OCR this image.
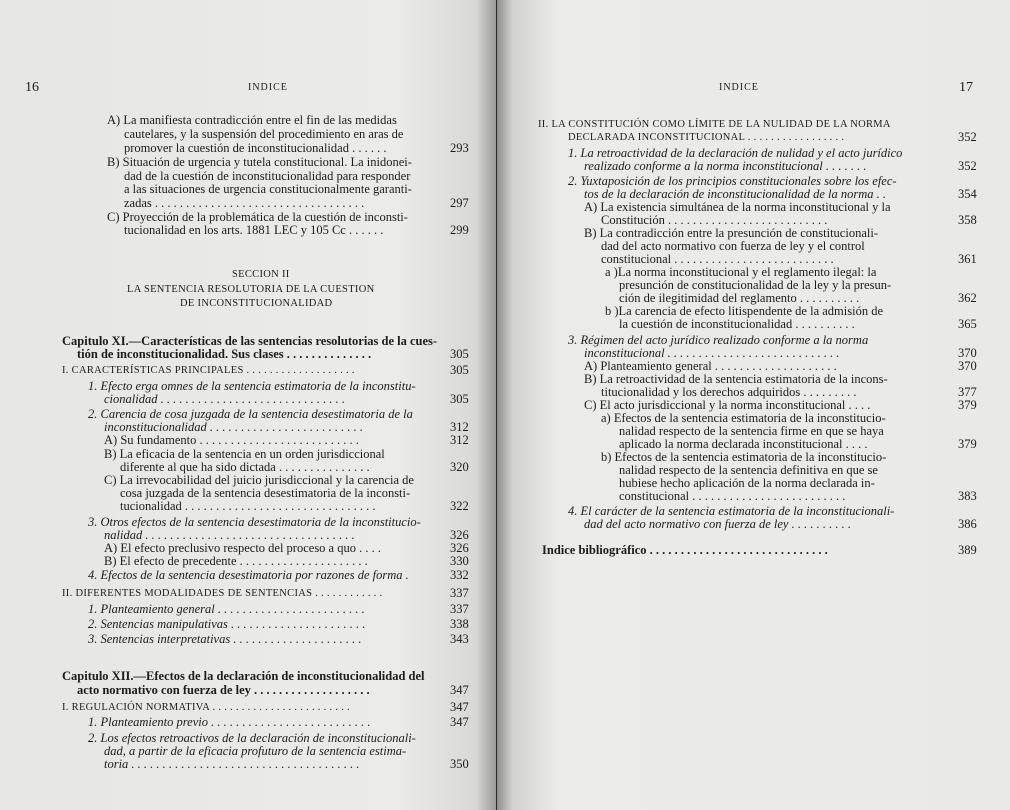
16	INDICE
A) La manifiesta contradicción entre el fin de las medidas
cautelares, y la suspensión del procedimiento en aras de
promover la cuestión de inconstitucionalidad . . . . . .
B) Situación de urgencia y tutela constitucional. La inidonei-
dad de la cuestión de inconstitucionalidad para responder
a las situaciones de urgencia constitucionalmente garanti-
zadas . . . . . . . . . . . . . . . . . . . . . . . . . . . . . . . . . .
C) Proyección de la problemática de la cuestión de inconsti-
tucionalidad en los arts. 1881 LEC y 105 Cc . . . . . .
SECCION II
LA SENTENCIA RESOLUTORIA DE LA CUESTION
DE INCONSTITUCIONALIDAD
Capitulo XI.—Características de las sentencias resolutorias de la cues-
tión de inconstitucionalidad. Sus clases . . . . . . . . . . . . . .
I. CARACTERÍSTICAS PRINCIPALES . . . . . . . . . . . . . . . . . . .
1. Efecto erga omnes de la sentencia estimatoria de la inconstitu-
cionalidad . . . . . . . . . . . . . . . . . . . . . . . . . . . . . .
2. Carencia de cosa juzgada de la sentencia desestimatoria de la
inconstitucionalidad . . . . . . . . . . . . . . . . . . . . . . . . .
A) Su fundamento . . . . . . . . . . . . . . . . . . . . . . . . . .
B) La eficacia de la sentencia en un orden jurisdiccional
diferente al que ha sido dictada . . . . . . . . . . . . . . .
C) La irrevocabilidad del juicio jurisdiccional y la carencia de
cosa juzgada de la sentencia desestimatoria de la inconsti-
tucionalidad . . . . . . . . . . . . . . . . . . . . . . . . . . . . . . .
3. Otros efectos de la sentencia desestimatoria de la inconstitucio-
nalidad . . . . . . . . . . . . . . . . . . . . . . . . . . . . . . . . . .
A) El efecto preclusivo respecto del proceso a quo . . . .
B) El efecto de precedente . . . . . . . . . . . . . . . . . . . . .
4. Efectos de la sentencia desestimatoria por razones de forma .
II. DIFERENTES MODALIDADES DE SENTENCIAS . . . . . . . . . . . .
1. Planteamiento general . . . . . . . . . . . . . . . . . . . . . . . .
2. Sentencias manipulativas . . . . . . . . . . . . . . . . . . . . . .
3. Sentencias interpretativas . . . . . . . . . . . . . . . . . . . . .
Capitulo XII.—Efectos de la declaración de inconstitucionalidad del
acto normativo con fuerza de ley . . . . . . . . . . . . . . . . . . .
I. REGULACIÓN NORMATIVA . . . . . . . . . . . . . . . . . . . . . . . .
1. Planteamiento previo . . . . . . . . . . . . . . . . . . . . . . . . . .
2. Los efectos retroactivos de la declaración de inconstitucionali-
dad, a partir de la eficacia profuturo de la sentencia estima-
toria . . . . . . . . . . . . . . . . . . . . . . . . . . . . . . . . . . . . .
293
297
299
305
305
305
312
312
320
322
326
326
330
332
337
337
338
343
347
347
347
350
17
INDICE
II. LA CONSTITUCIÓN COMO LÍMITE DE LA NULIDAD DE LA NORMA
DECLARADA INCONSTITUCIONAL . . . . . . . . . . . . . . . . .
1. La retroactividad de la declaración de nulidad y el acto jurídico
realizado conforme a la norma inconstitucional . . . . . . .
2. Yuxtaposición de los principios constitucionales sobre los efec-
tos de la declaración de inconstitucionalidad de la norma . .
A) La existencia simultánea de la norma inconstitucional y la
Constitución . . . . . . . . . . . . . . . . . . . . . . . . . .
B) La contradicción entre la presunción de constitucionali-
dad del acto normativo con fuerza de ley y el control
constitucional . . . . . . . . . . . . . . . . . . . . . . . . . .
a )La norma inconstitucional y el reglamento ilegal: la
presunción de constitucionalidad de la ley y la presun-
ción de ilegitimidad del reglamento . . . . . . . . . .
b )La carencia de efecto litispendente de la admisión de
la cuestión de inconstitucionalidad . . . . . . . . . .
3. Régimen del acto jurídico realizado conforme a la norma
inconstitucional . . . . . . . . . . . . . . . . . . . . . . . . . . . .
A) Planteamiento general . . . . . . . . . . . . . . . . . . . .
B) La retroactividad de la sentencia estimatoria de la incons-
titucionalidad y los derechos adquiridos . . . . . . . . .
C) El acto jurisdiccional y la norma inconstitucional . . . .
a) Efectos de la sentencia estimatoria de la inconstitucio-
nalidad respecto de la sentencia firme en que se haya
aplicado la norma declarada inconstitucional . . . .
b) Efectos de la sentencia estimatoria de la inconstitucio-
nalidad respecto de la sentencia definitiva en que se
hubiese hecho aplicación de la norma declarada in-
constitucional . . . . . . . . . . . . . . . . . . . . . . . . .
4. El carácter de la sentencia estimatoria de la inconstitucionali-
dad del acto normativo con fuerza de ley . . . . . . . . . .
Indice bibliográfico . . . . . . . . . . . . . . . . . . . . . . . . . . . . .
352
352
354
358
361
362
365
370
370
377
379
379
383
386
389
